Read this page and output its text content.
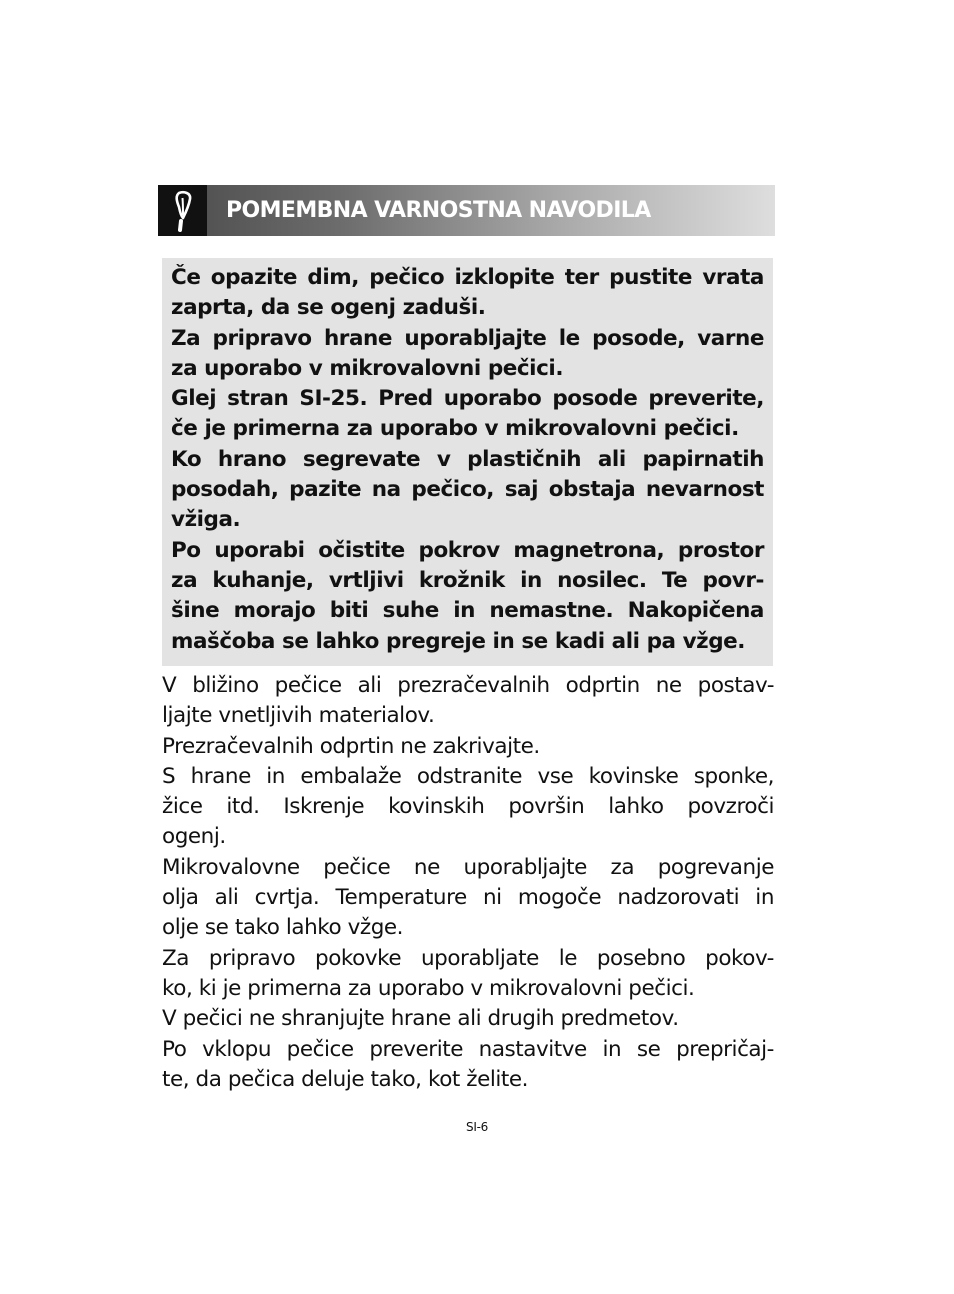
POMEMBNA VARNOSTNA NAVODILA
Če opazite dim, pečico izklopite ter pustite vrata
zaprta, da se ogenj zaduši.
Za pripravo hrane uporabljajte le posode, varne
za uporabo v mikrovalovni pečici.
Glej stran SI-25. Pred uporabo posode preverite,
če je primerna za uporabo v mikrovalovni pečici.
Ko hrano segrevate v plastičnih ali papirnatih
posodah, pazite na pečico, saj obstaja nevarnost
vžiga.
Po uporabi očistite pokrov magnetrona, prostor
za kuhanje, vrtljivi krožnik in nosilec. Te povr-
šine morajo biti suhe in nemastne. Nakopičena
maščoba se lahko pregreje in se kadi ali pa vžge.
V bližino pečice ali prezračevalnih odprtin ne postav-
ljajte vnetljivih materialov.
Prezračevalnih odprtin ne zakrivajte.
S hrane in embalaže odstranite vse kovinske sponke,
žice itd. Iskrenje kovinskih površin lahko povzroči
ogenj.
Mikrovalovne pečice ne uporabljajte za pogrevanje
olja ali cvrtja. Temperature ni mogoče nadzorovati in
olje se tako lahko vžge.
Za pripravo pokovke uporabljate le posebno pokov-
ko, ki je primerna za uporabo v mikrovalovni pečici.
V pečici ne shranjujte hrane ali drugih predmetov.
Po vklopu pečice preverite nastavitve in se prepričaj-
te, da pečica deluje tako, kot želite.
SI-6
